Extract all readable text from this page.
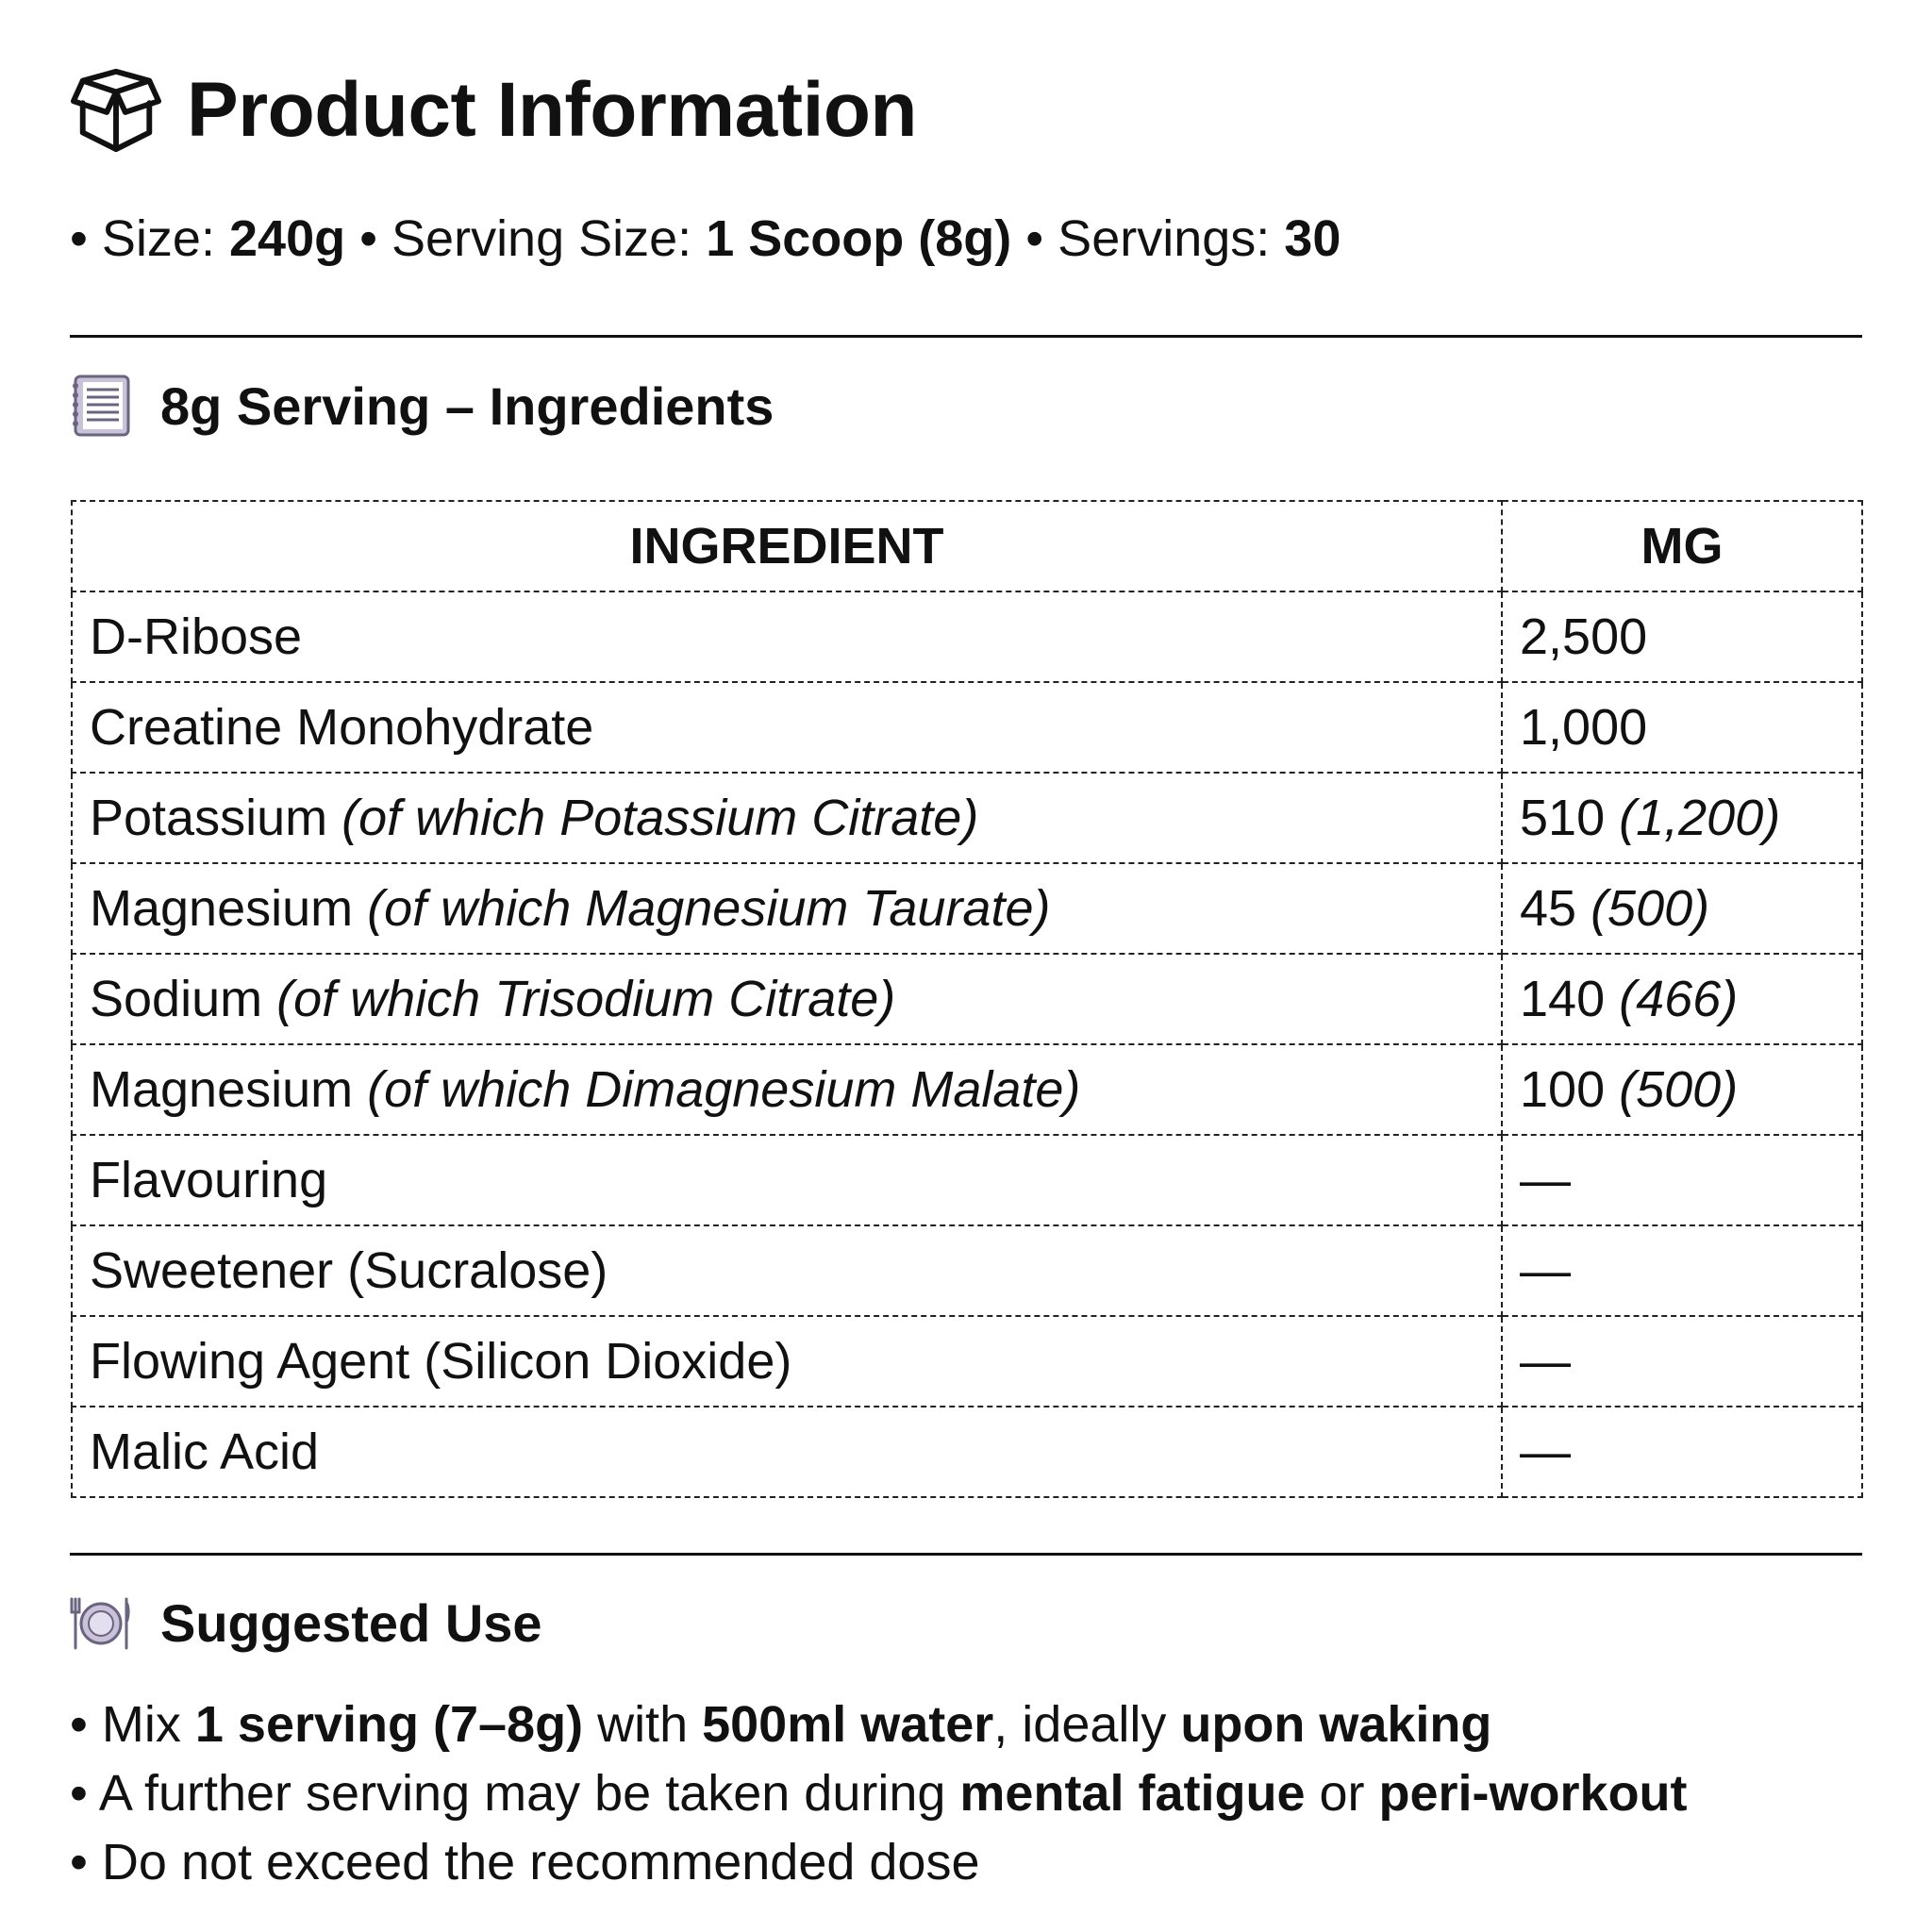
Product Information
• Size: 240g • Serving Size: 1 Scoop (8g) • Servings: 30
8g Serving – Ingredients
INGREDIENT	MG
D-Ribose	2,500
Creatine Monohydrate	1,000
Potassium (of which Potassium Citrate)	510 (1,200)
Magnesium (of which Magnesium Taurate)	45 (500)
Sodium (of which Trisodium Citrate)	140 (466)
Magnesium (of which Dimagnesium Malate)	100 (500)
Flavouring	—
Sweetener (Sucralose)	—
Flowing Agent (Silicon Dioxide)	—
Malic Acid	—
Suggested Use
• Mix 1 serving (7–8g) with 500ml water, ideally upon waking
• A further serving may be taken during mental fatigue or peri-workout
• Do not exceed the recommended dose
